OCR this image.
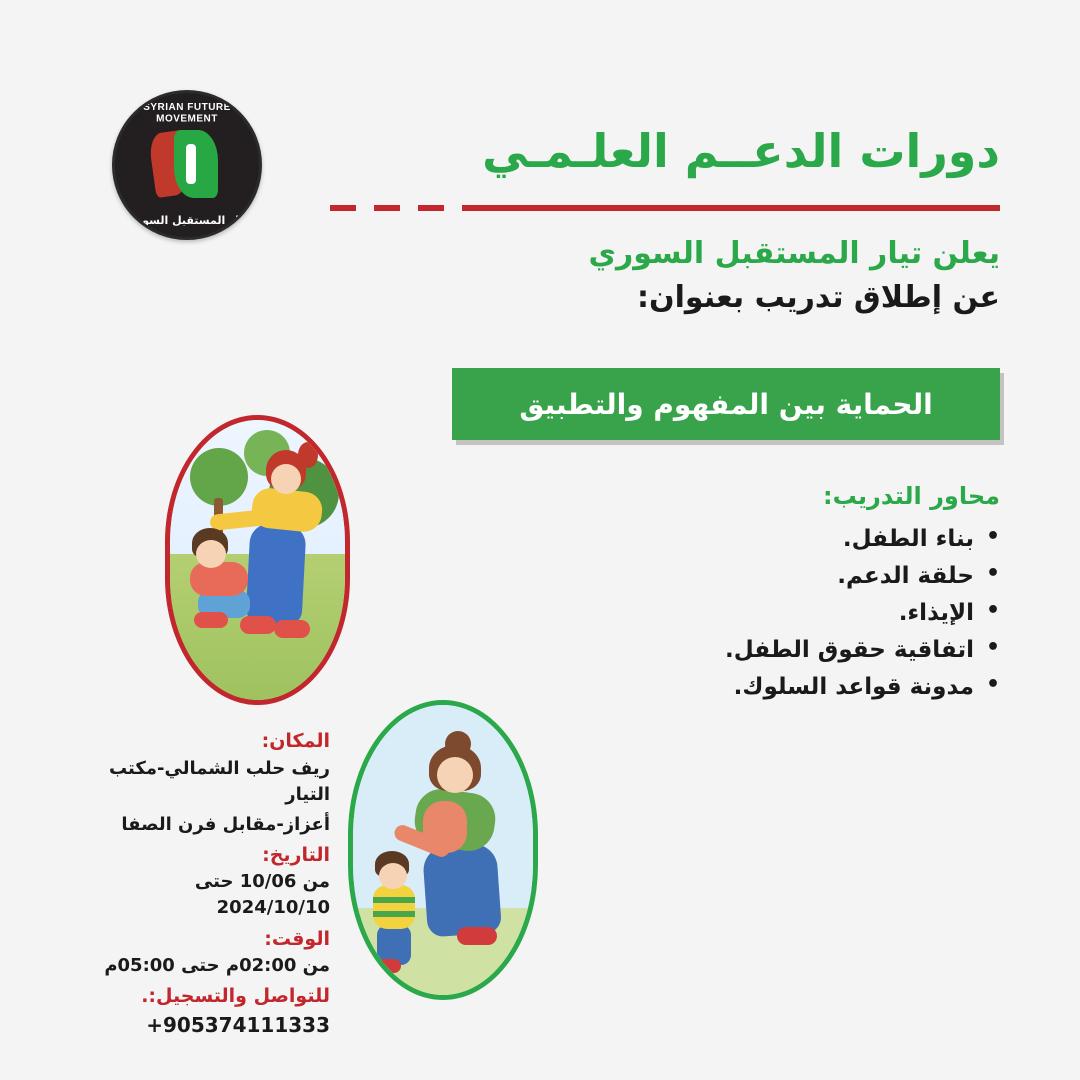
SYRIAN FUTURE MOVEMENT
تيار المستقبل السوري
دورات الدعــم العلـمـي
يعلن تيار المستقبل السوري
عن إطلاق تدريب بعنوان:
الحماية بين المفهوم والتطبيق
محاور التدريب:
• بناء الطفل.
• حلقة الدعم.
• الإيذاء.
• اتفاقية حقوق الطفل.
• مدونة قواعد السلوك.
المكان:
ريف حلب الشمالي-مكتب التيار
أعزاز-مقابل فرن الصفا
التاريخ:
من 10/06 حتى 2024/10/10
الوقت:
من 02:00م حتى 05:00م
للتواصل والتسجيل:.
+905374111333
